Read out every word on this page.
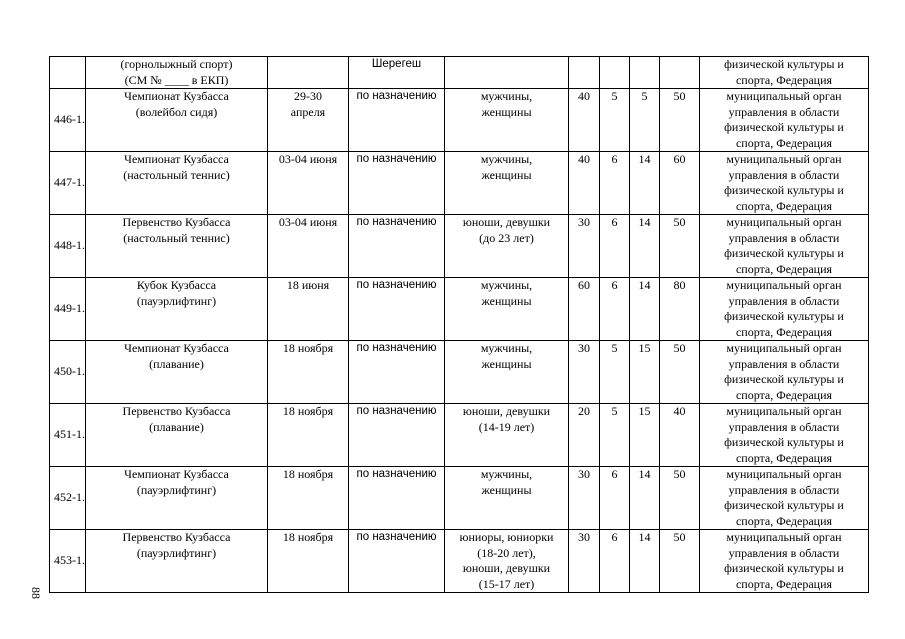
	(горнолыжный спорт)
(СМ № ____ в ЕКП)		Шерегеш						физической культуры и
спорта, Федерация

446-1.	Чемпионат Кузбасса
(волейбол сидя)	29-30
апреля	по назначению	мужчины,
женщины	40	5	5	50	муниципальный орган
управления в области
физической культуры и
спорта, Федерация

447-1.	Чемпионат Кузбасса
(настольный теннис)	03-04 июня	по назначению	мужчины,
женщины	40	6	14	60	муниципальный орган
управления в области
физической культуры и
спорта, Федерация

448-1.	Первенство Кузбасса
(настольный теннис)	03-04 июня	по назначению	юноши, девушки
(до 23 лет)	30	6	14	50	муниципальный орган
управления в области
физической культуры и
спорта, Федерация

449-1.	Кубок Кузбасса
(пауэрлифтинг)	18 июня	по назначению	мужчины,
женщины	60	6	14	80	муниципальный орган
управления в области
физической культуры и
спорта, Федерация

450-1.	Чемпионат Кузбасса
(плавание)	18 ноября	по назначению	мужчины,
женщины	30	5	15	50	муниципальный орган
управления в области
физической культуры и
спорта, Федерация

451-1.	Первенство Кузбасса
(плавание)	18 ноября	по назначению	юноши, девушки
(14-19 лет)	20	5	15	40	муниципальный орган
управления в области
физической культуры и
спорта, Федерация

452-1.	Чемпионат Кузбасса
(пауэрлифтинг)	18 ноября	по назначению	мужчины,
женщины	30	6	14	50	муниципальный орган
управления в области
физической культуры и
спорта, Федерация

453-1.	Первенство Кузбасса
(пауэрлифтинг)	18 ноября	по назначению	юниоры, юниорки
(18-20 лет),
юноши, девушки
(15-17 лет)	30	6	14	50	муниципальный орган
управления в области
физической культуры и
спорта, Федерация
88
